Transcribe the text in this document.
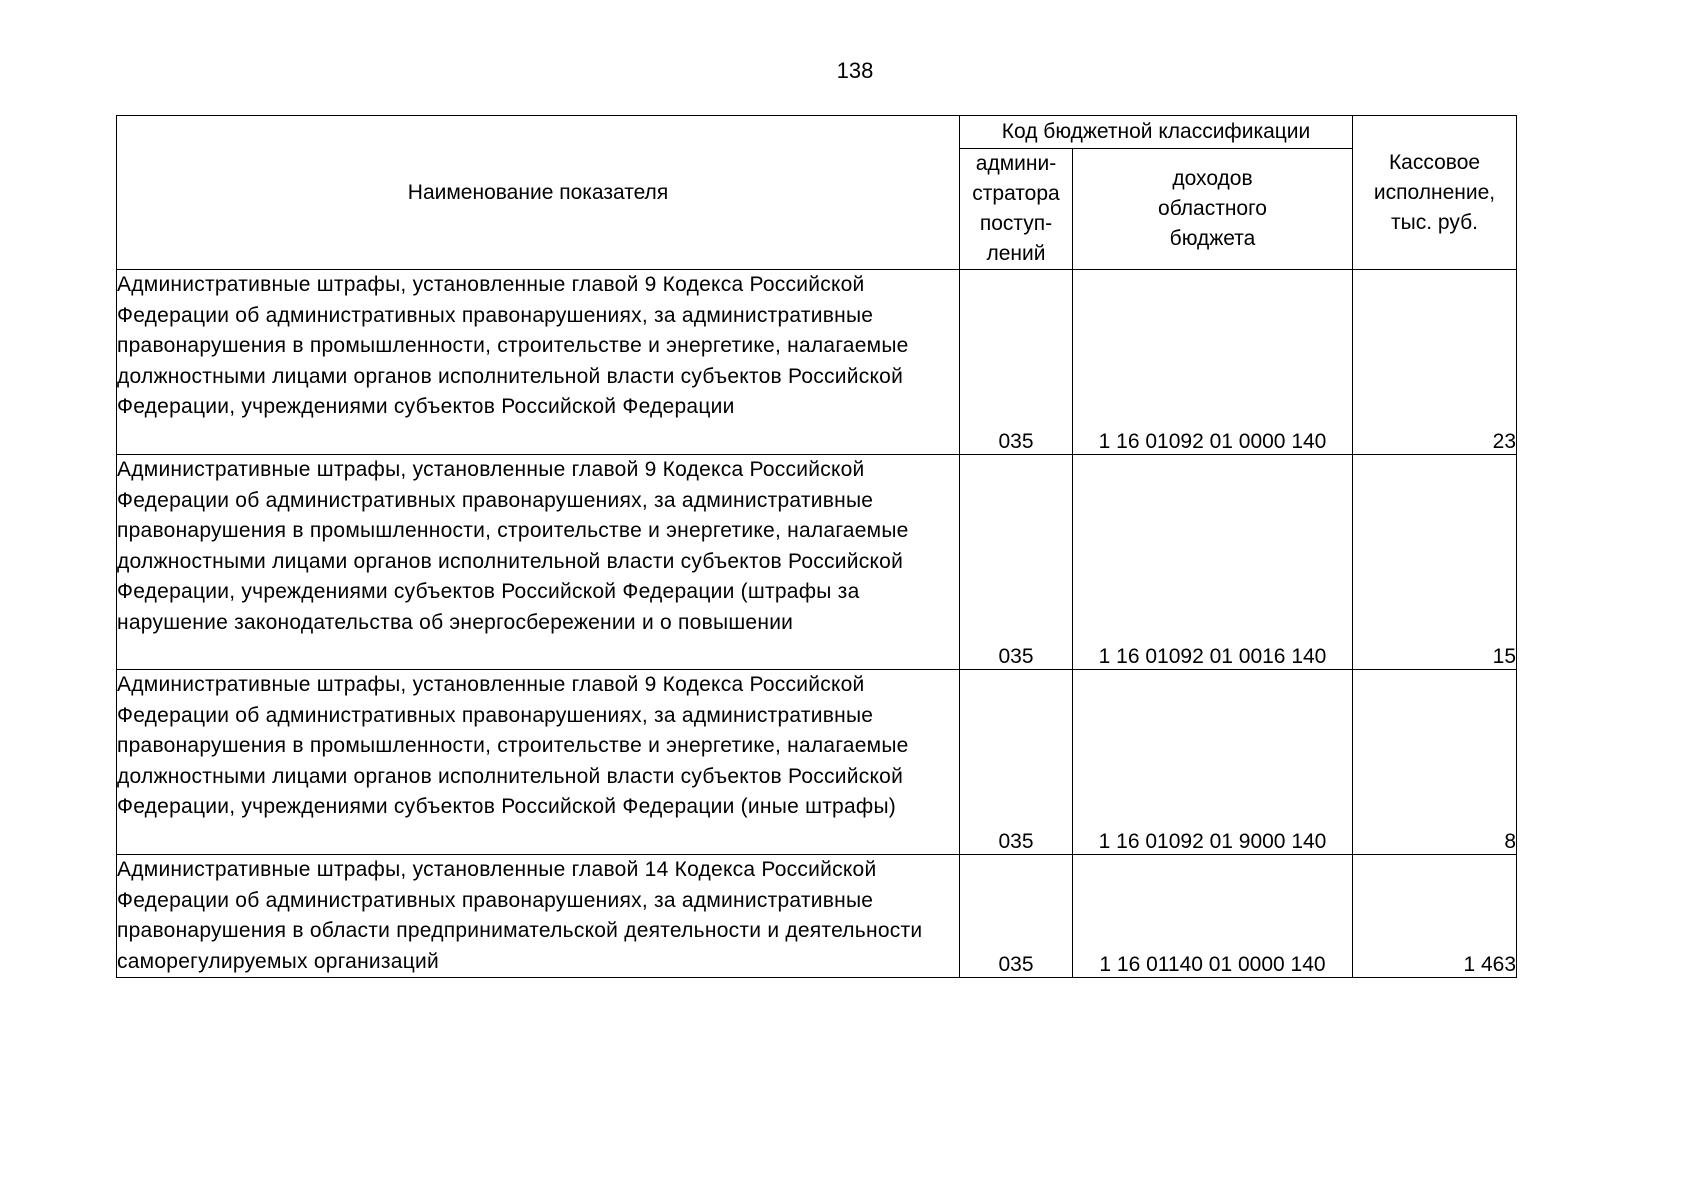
138
Наименование показателя	Код бюджетной классификации		Кассовое
исполнение,
тыс. руб.
	админи-
стратора
поступ-
лений	доходов
областного
бюджета	
Административные штрафы, установленные главой 9 Кодекса Российской Федерации об административных правонарушениях, за административные правонарушения в промышленности, строительстве и энергетике, налагаемые должностными лицами органов исполнительной власти субъектов Российской Федерации, учреждениями субъектов Российской Федерации	035	1 16 01092 01 0000 140	23

Административные штрафы, установленные главой 9 Кодекса Российской Федерации об административных правонарушениях, за административные правонарушения в промышленности, строительстве и энергетике, налагаемые должностными лицами органов исполнительной власти субъектов Российской Федерации, учреждениями субъектов Российской Федерации (штрафы за нарушение законодательства об энергосбережении и о повышении	035	1 16 01092 01 0016 140	15
Административные штрафы, установленные главой 9 Кодекса Российской Федерации об административных правонарушениях, за административные правонарушения в промышленности, строительстве и энергетике, налагаемые должностными лицами органов исполнительной власти субъектов Российской Федерации, учреждениями субъектов Российской Федерации (иные штрафы)	035	1 16 01092 01 9000 140	8
Административные штрафы, установленные главой 14 Кодекса Российской Федерации об административных правонарушениях, за административные правонарушения в области предпринимательской деятельности и деятельности саморегулируемых организаций	035	1 16 01140 01 0000 140	1 463
